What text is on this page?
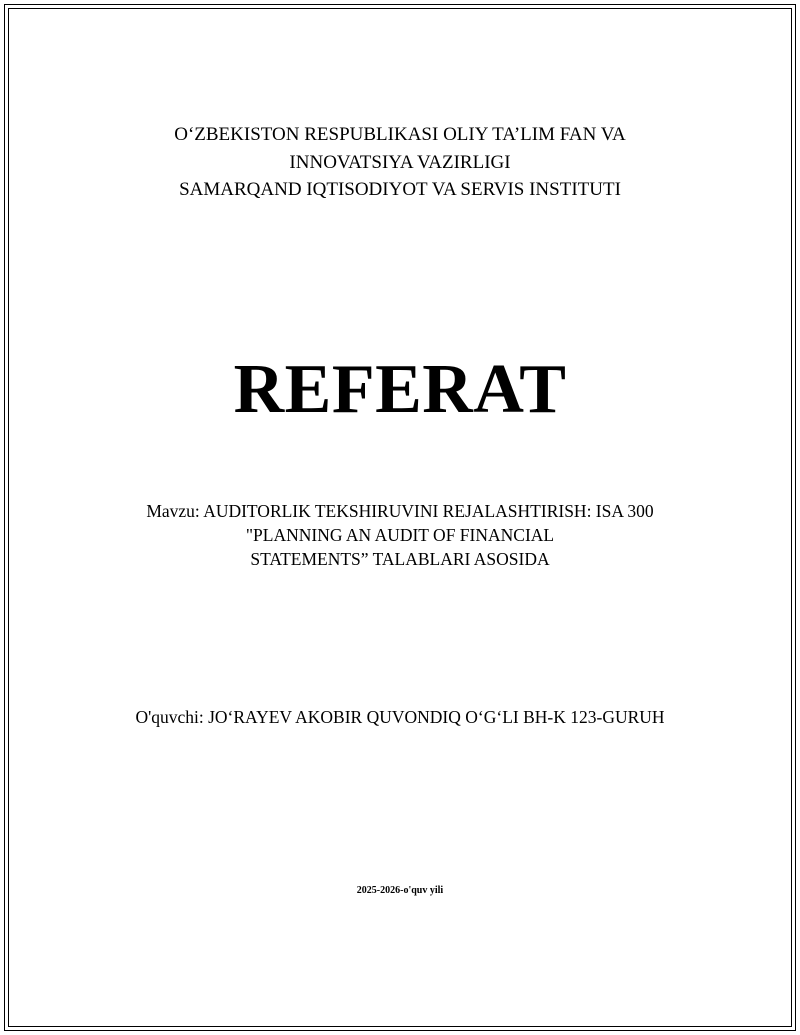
O‘ZBEKISTON RESPUBLIKASI OLIY TA’LIM FAN VA
INNOVATSIYA VAZIRLIGI
SAMARQAND IQTISODIYOT VA SERVIS INSTITUTI
REFERAT
Mavzu: AUDITORLIK TEKSHIRUVINI REJALASHTIRISH: ISA 300
"PLANNING AN AUDIT OF FINANCIAL
STATEMENTS” TALABLARI ASOSIDA
O'quvchi: JO‘RAYEV AKOBIR QUVONDIQ O‘G‘LI BH-K 123-GURUH
2025-2026-o'quv yili
